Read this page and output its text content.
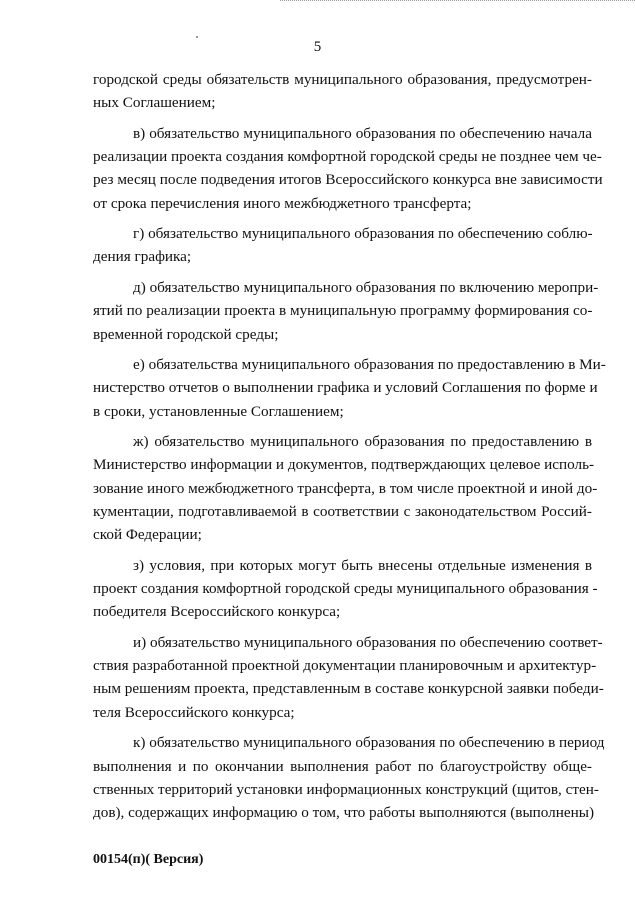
5
городской среды обязательств муниципального образования, предусмотрен-
ных Соглашением;
в) обязательство муниципального образования по обеспечению начала
реализации проекта создания комфортной городской среды не позднее чем че-
рез месяц после подведения итогов Всероссийского конкурса вне зависимости
от срока перечисления иного межбюджетного трансферта;
г) обязательство муниципального образования по обеспечению соблю-
дения графика;
д) обязательство муниципального образования по включению меропри-
ятий по реализации проекта в муниципальную программу формирования со-
временной городской среды;
е) обязательства муниципального образования по предоставлению в Ми-
нистерство отчетов о выполнении графика и условий Соглашения по форме и
в сроки, установленные Соглашением;
ж) обязательство муниципального образования по предоставлению в
Министерство информации и документов, подтверждающих целевое исполь-
зование иного межбюджетного трансферта, в том числе проектной и иной до-
кументации, подготавливаемой в соответствии с законодательством Россий-
ской Федерации;
з) условия, при которых могут быть внесены отдельные изменения в
проект создания комфортной городской среды муниципального образования -
победителя Всероссийского конкурса;
и) обязательство муниципального образования по обеспечению соответ-
ствия разработанной проектной документации планировочным и архитектур-
ным решениям проекта, представленным в составе конкурсной заявки победи-
теля Всероссийского конкурса;
к) обязательство муниципального образования по обеспечению в период
выполнения и по окончании выполнения работ по благоустройству обще-
ственных территорий установки информационных конструкций (щитов, стен-
дов), содержащих информацию о том, что работы выполняются (выполнены)
00154(п)( Версия)
